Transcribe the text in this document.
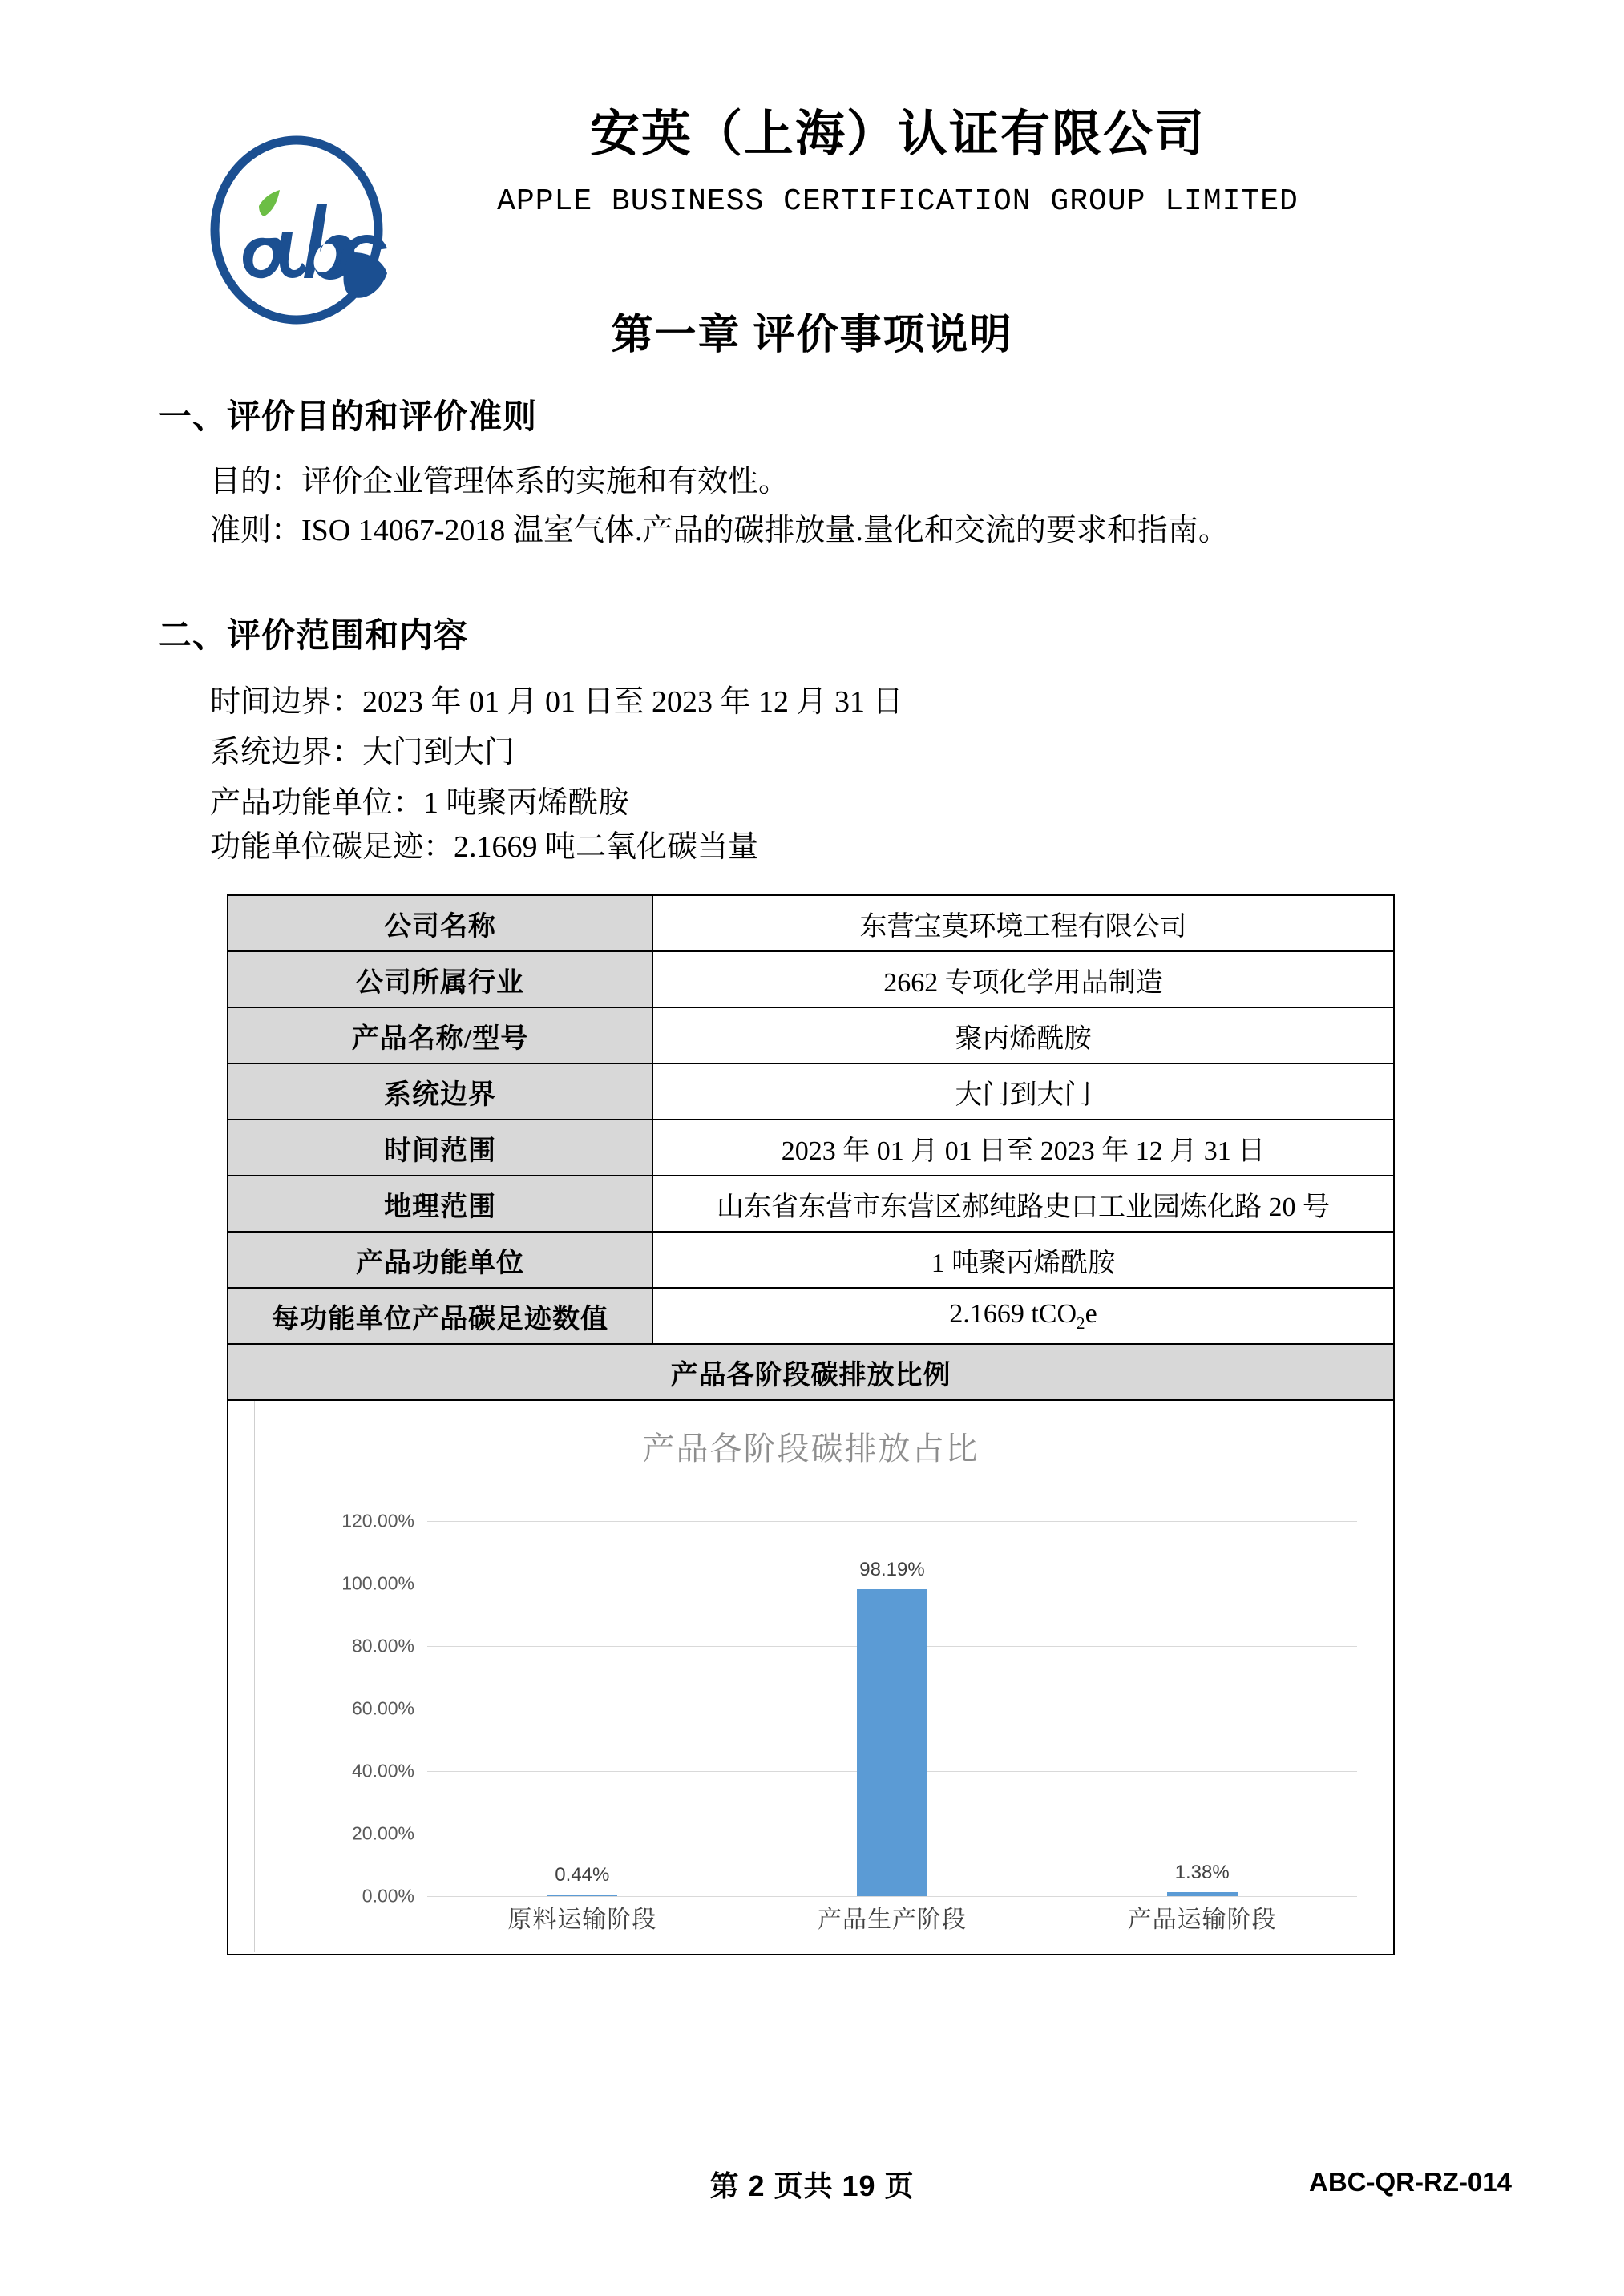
安英（上海）认证有限公司
APPLE BUSINESS CERTIFICATION GROUP LIMITED
第一章 评价事项说明
一、评价目的和评价准则
目的：评价企业管理体系的实施和有效性。
准则：ISO 14067-2018 温室气体.产品的碳排放量.量化和交流的要求和指南。
二、评价范围和内容
时间边界：2023 年 01 月 01 日至 2023 年 12 月 31 日
系统边界：大门到大门
产品功能单位：1 吨聚丙烯酰胺
功能单位碳足迹：2.1669 吨二氧化碳当量
公司名称	东营宝莫环境工程有限公司
公司所属行业	2662 专项化学用品制造
产品名称/型号	聚丙烯酰胺
系统边界	大门到大门
时间范围	2023 年 01 月 01 日至 2023 年 12 月 31 日
地理范围	山东省东营市东营区郝纯路史口工业园炼化路 20 号
产品功能单位	1 吨聚丙烯酰胺
每功能单位产品碳足迹数值	2.1669 tCO$_2$e
产品各阶段碳排放比例	

产品各阶段碳排放占比
120.00%
100.00%
80.00%
60.00%
40.00%
20.00%
0.00%
0.44%
98.19%
1.38%
原料运输阶段	产品生产阶段	产品运输阶段
第 2 页共 19 页	ABC-QR-RZ-014
